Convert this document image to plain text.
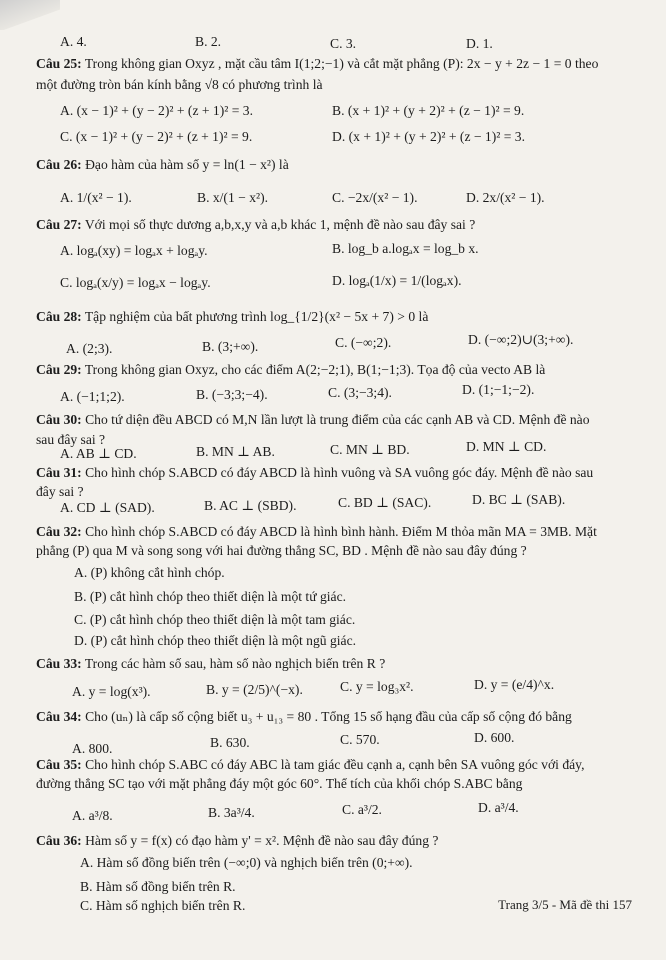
A. 4.	B. 2.	C. 3.	D. 1.
Câu 25: Trong không gian Oxyz , mặt cầu tâm I(1;2;−1) và cắt mặt phẳng (P): 2x − y + 2z − 1 = 0 theo
một đường tròn bán kính bằng √8 có phương trình là
A. (x − 1)² + (y − 2)² + (z + 1)² = 3.	B. (x + 1)² + (y + 2)² + (z − 1)² = 9.
C. (x − 1)² + (y − 2)² + (z + 1)² = 9.	D. (x + 1)² + (y + 2)² + (z − 1)² = 3.
Câu 26: Đạo hàm của hàm số y = ln(1 − x²) là
A. 1/(x² − 1).	B. x/(1 − x²).	C. −2x/(x² − 1).	D. 2x/(x² − 1).
Câu 27: Với mọi số thực dương a,b,x,y và a,b khác 1, mệnh đề nào sau đây sai ?
A. logₐ(xy) = logₐx + logₐy.	B. log_b a.logₐx = log_b x.
C. logₐ(x/y) = logₐx − logₐy.	D. logₐ(1/x) = 1/(logₐx).
Câu 28: Tập nghiệm của bất phương trình log_{1/2}(x² − 5x + 7) > 0 là
A. (2;3).	B. (3;+∞).	C. (−∞;2).	D. (−∞;2)∪(3;+∞).
Câu 29: Trong không gian Oxyz, cho các điểm A(2;−2;1), B(1;−1;3). Tọa độ của vecto AB là
A. (−1;1;2).	B. (−3;3;−4).	C. (3;−3;4).	D. (1;−1;−2).
Câu 30: Cho tứ diện đều ABCD có M,N lần lượt là trung điểm của các cạnh AB và CD. Mệnh đề nào
sau đây sai ?
A. AB ⊥ CD.	B. MN ⊥ AB.	C. MN ⊥ BD.	D. MN ⊥ CD.
Câu 31: Cho hình chóp S.ABCD có đáy ABCD là hình vuông và SA vuông góc đáy. Mệnh đề nào sau
đây sai ?
A. CD ⊥ (SAD).	B. AC ⊥ (SBD).	C. BD ⊥ (SAC).	D. BC ⊥ (SAB).
Câu 32: Cho hình chóp S.ABCD có đáy ABCD là hình bình hành. Điểm M thỏa mãn MA = 3MB. Mặt
phẳng (P) qua M và song song với hai đường thẳng SC, BD . Mệnh đề nào sau đây đúng ?
A. (P) không cắt hình chóp.
B. (P) cắt hình chóp theo thiết diện là một tứ giác.
C. (P) cắt hình chóp theo thiết diện là một tam giác.
D. (P) cắt hình chóp theo thiết diện là một ngũ giác.
Câu 33: Trong các hàm số sau, hàm số nào nghịch biến trên R ?
A. y = log(x³).	B. y = (2/5)^(−x).	C. y = log₃x².	D. y = (e/4)^x.
Câu 34: Cho (uₙ) là cấp số cộng biết u₃ + u₁₃ = 80 . Tổng 15 số hạng đầu của cấp số cộng đó bằng
A. 800.	B. 630.	C. 570.	D. 600.
Câu 35: Cho hình chóp S.ABC có đáy ABC là tam giác đều cạnh a, cạnh bên SA vuông góc với đáy,
đường thẳng SC tạo với mặt phẳng đáy một góc 60°. Thể tích của khối chóp S.ABC bằng
A. a³/8.	B. 3a³/4.	C. a³/2.	D. a³/4.
Câu 36: Hàm số y = f(x) có đạo hàm y' = x². Mệnh đề nào sau đây đúng ?
A. Hàm số đồng biến trên (−∞;0) và nghịch biến trên (0;+∞).
B. Hàm số đồng biến trên R.
C. Hàm số nghịch biến trên R.	Trang 3/5 - Mã đề thi 157
